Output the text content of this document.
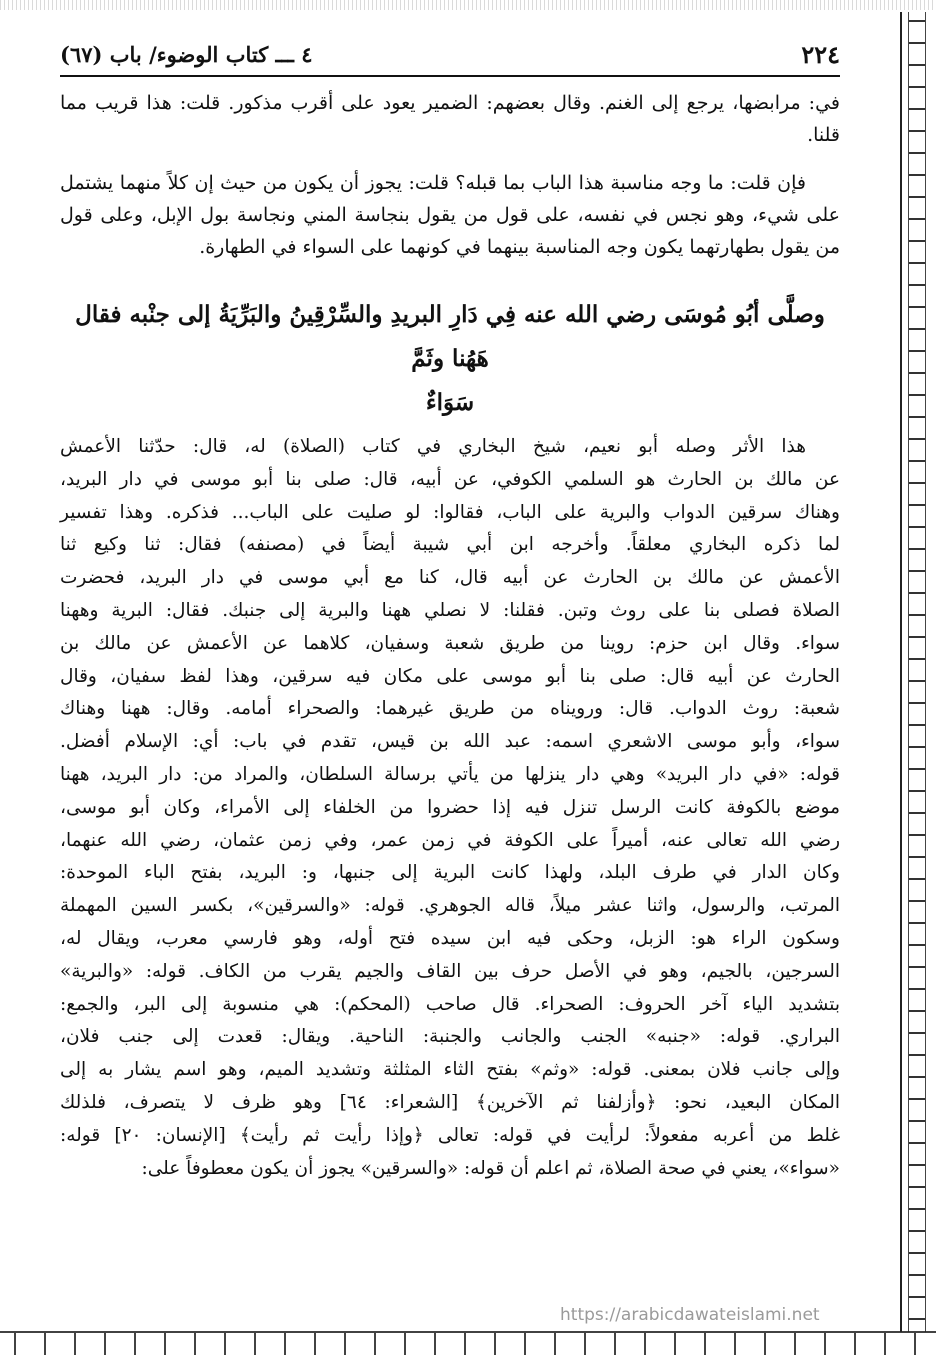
٢٢٤
٤ ـــ كتاب الوضوء/ باب (٦٧)

في: مرابضها، يرجع إلى الغنم. وقال بعضهم: الضمير يعود على أقرب مذكور. قلت: هذا قريب مما قلنا.

فإن قلت: ما وجه مناسبة هذا الباب بما قبله؟ قلت: يجوز أن يكون من حيث إن كلاً منهما يشتمل على شيء، وهو نجس في نفسه، على قول من يقول بنجاسة المني ونجاسة بول الإبل، وعلى قول من يقول بطهارتهما يكون وجه المناسبة بينهما في كونهما على السواء في الطهارة.

وصلَّى أبُو مُوسَى رضي الله عنه فِي دَارِ البريدِ والسِّرْقِينُ والبَرِّيَةُ إلى جنْبه فقال هَهُنا وثَمَّ
سَوَاءٌ
هذا الأثر وصله أبو نعيم، شيخ البخاري في كتاب (الصلاة) له، قال: حدّثنا الأعمش
عن مالك بن الحارث هو السلمي الكوفي، عن أبيه، قال: صلى بنا أبو موسى في دار البريد،
وهناك سرقين الدواب والبرية على الباب، فقالوا: لو صليت على الباب... فذكره. وهذا تفسير
لما ذكره البخاري معلقاً. وأخرجه ابن أبي شيبة أيضاً في (مصنفه) فقال: ثنا وكيع ثنا
الأعمش عن مالك بن الحارث عن أبيه قال، كنا مع أبي موسى في دار البريد، فحضرت
الصلاة فصلى بنا على روث وتبن. فقلنا: لا نصلي ههنا والبرية إلى جنبك. فقال: البرية وههنا
سواء. وقال ابن حزم: روينا من طريق شعبة وسفيان، كلاهما عن الأعمش عن مالك بن
الحارث عن أبيه قال: صلى بنا أبو موسى على مكان فيه سرقين، وهذا لفظ سفيان، وقال
شعبة: روث الدواب. قال: ورويناه من طريق غيرهما: والصحراء أمامه. وقال: ههنا وهناك
سواء، وأبو موسى الاشعري اسمه: عبد الله بن قيس، تقدم في باب: أي: الإسلام أفضل.
قوله: «في دار البريد» وهي دار ينزلها من يأتي برسالة السلطان، والمراد من: دار البريد، ههنا
موضع بالكوفة كانت الرسل تنزل فيه إذا حضروا من الخلفاء إلى الأمراء، وكان أبو موسى،
رضي الله تعالى عنه، أميراً على الكوفة في زمن عمر، وفي زمن عثمان، رضي الله عنهما،
وكان الدار في طرف البلد، ولهذا كانت البرية إلى جنبها، و: البريد، بفتح الباء الموحدة:
المرتب، والرسول، واثنا عشر ميلاً، قاله الجوهري. قوله: «والسرقين»، بكسر السين المهملة
وسكون الراء هو: الزبل، وحكى فيه ابن سيده فتح أوله، وهو فارسي معرب، ويقال له،
السرجين، بالجيم، وهو في الأصل حرف بين القاف والجيم يقرب من الكاف. قوله: «والبرية»
بتشديد الياء آخر الحروف: الصحراء. قال صاحب (المحكم): هي منسوبة إلى البر، والجمع:
البراري. قوله: «جنبه» الجنب والجانب والجنبة: الناحية. ويقال: قعدت إلى جنب فلان،
وإلى جانب فلان بمعنى. قوله: «وثم» بفتح الثاء المثلثة وتشديد الميم، وهو اسم يشار به إلى
المكان البعيد، نحو: ﴿وأزلفنا ثم الآخرين﴾ [الشعراء: ٦٤] وهو ظرف لا يتصرف، فلذلك
غلط من أعربه مفعولاً: لرأيت في قوله: تعالى ﴿وإذا رأيت ثم رأيت﴾ [الإنسان: ٢٠] قوله:
«سواء»، يعني في صحة الصلاة، ثم اعلم أن قوله: «والسرقين» يجوز أن يكون معطوفاً على:
https://arabicdawateislami.net
